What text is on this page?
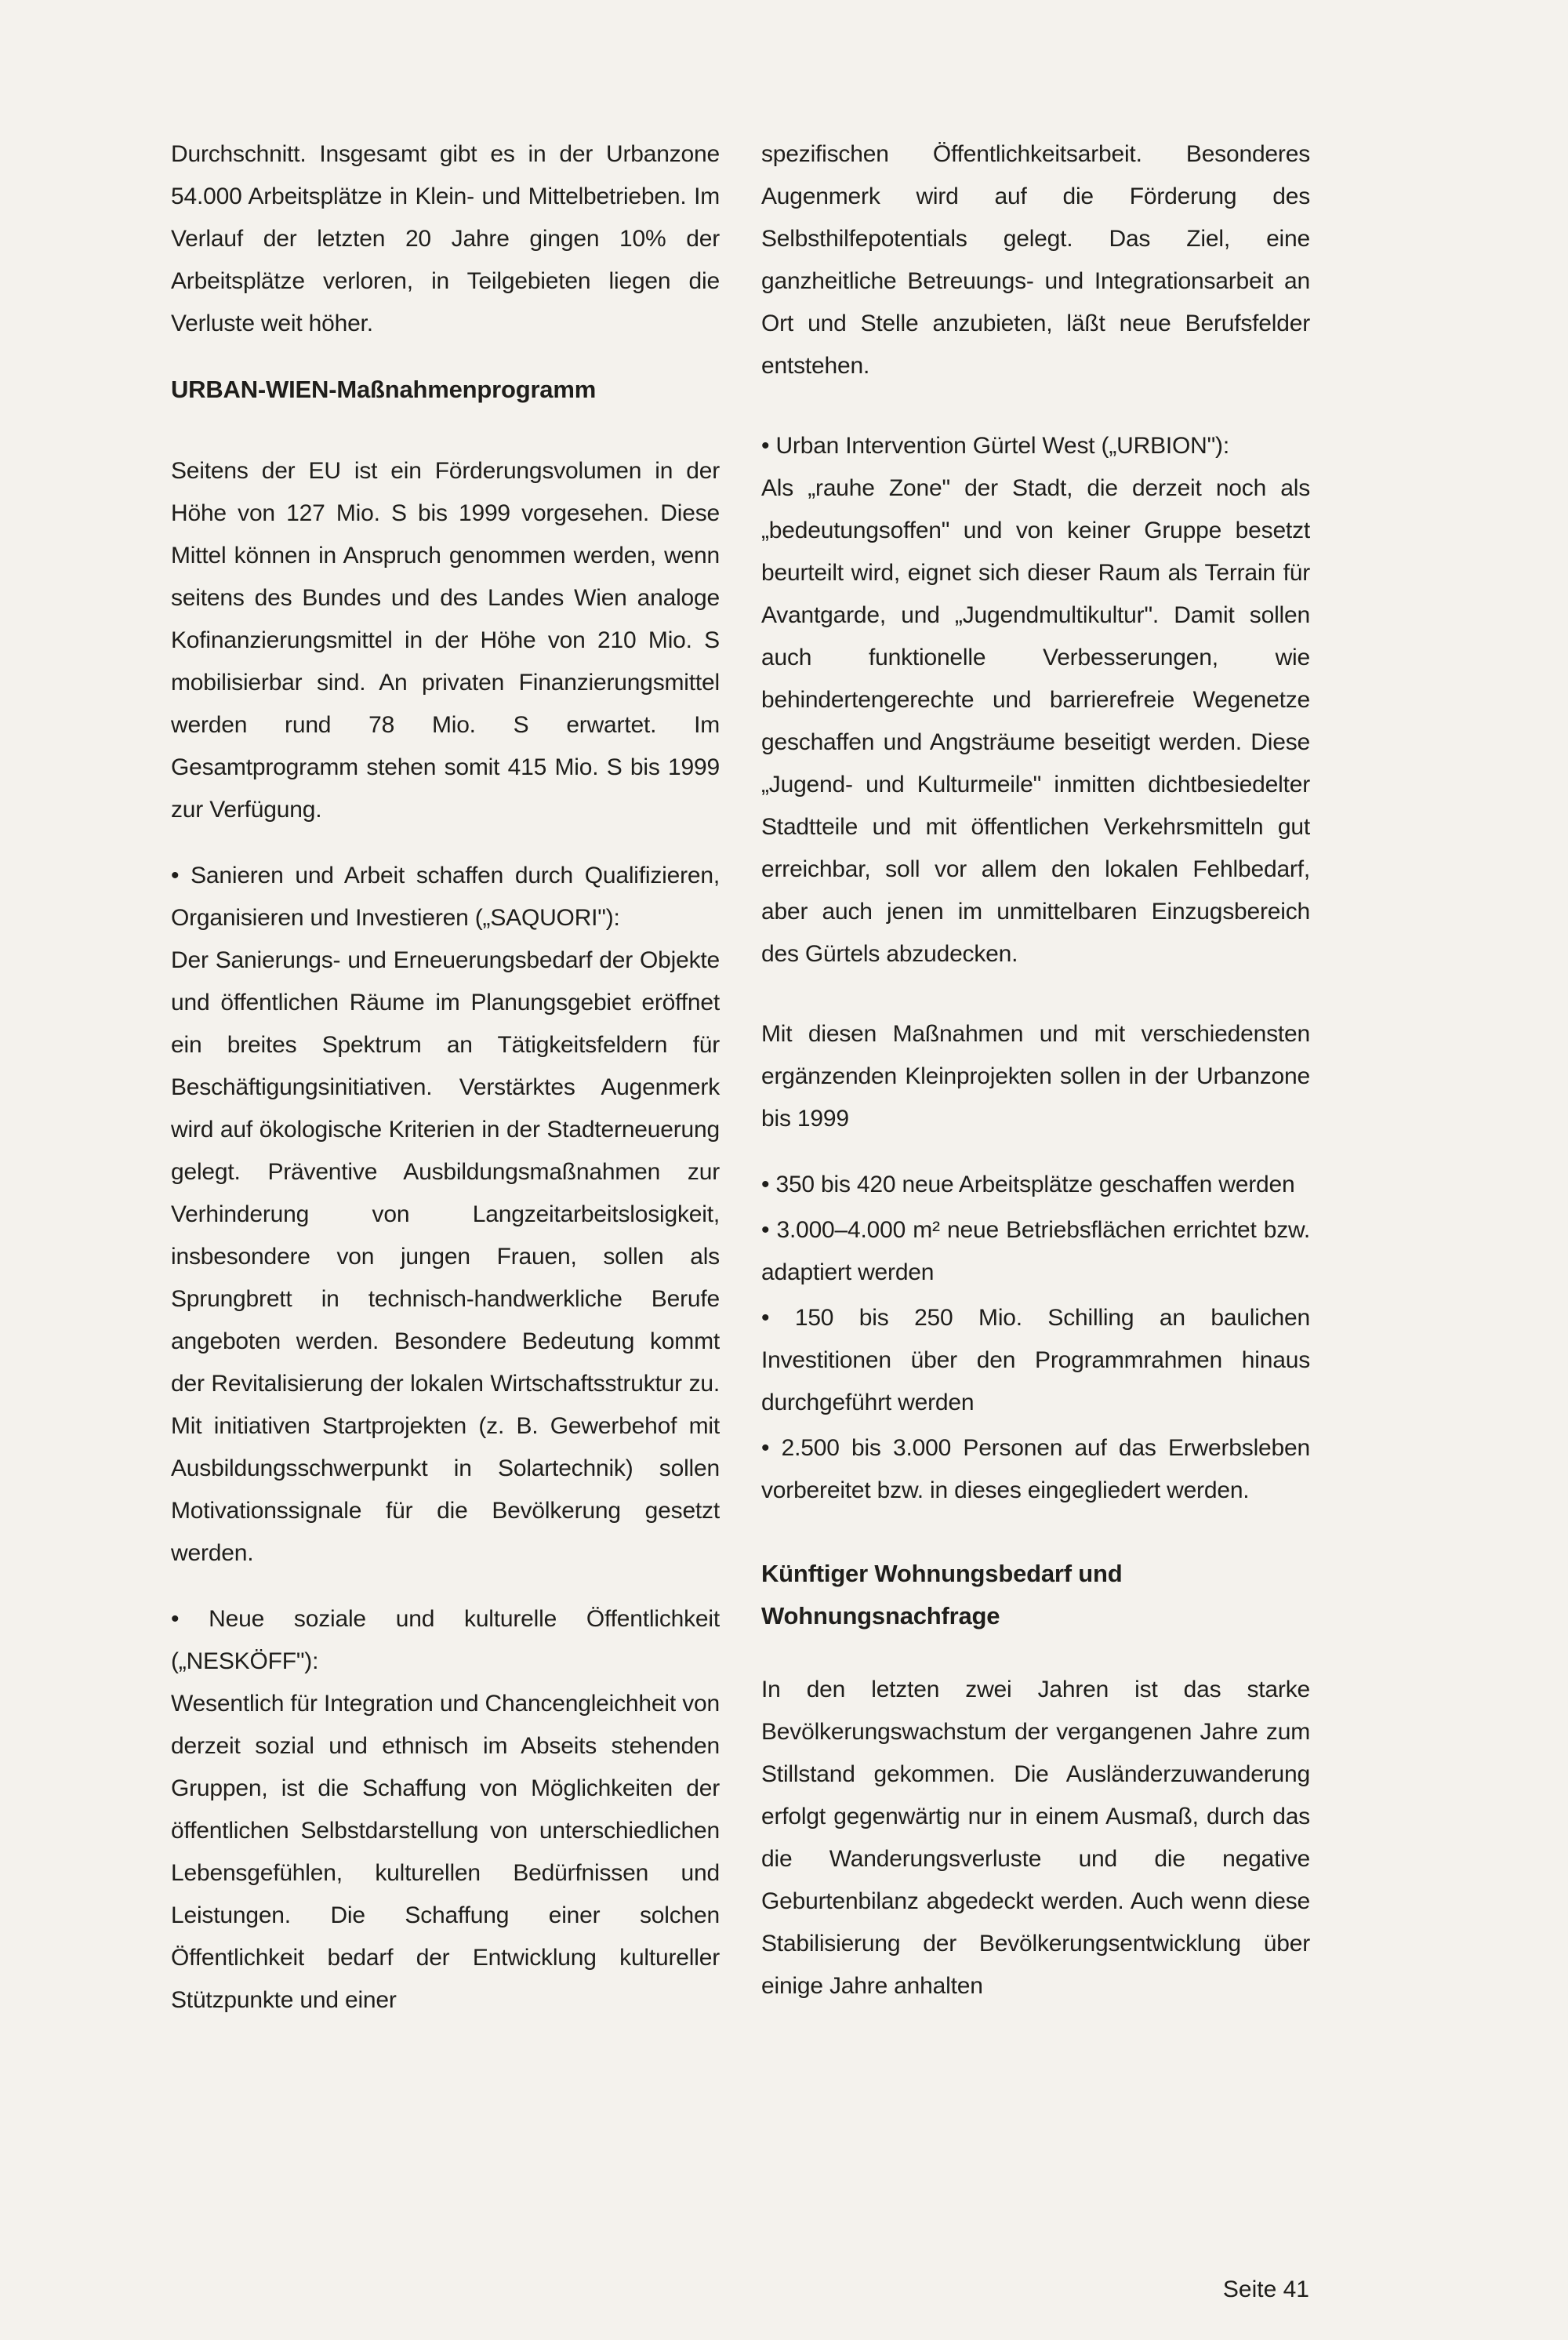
Durchschnitt. Insgesamt gibt es in der Urbanzone 54.000 Arbeitsplätze in Klein- und Mittelbetrieben. Im Verlauf der letzten 20 Jahre gingen 10% der Arbeitsplätze verloren, in Teilgebieten liegen die Verluste weit höher.

URBAN-WIEN-Maßnahmenprogramm

Seitens der EU ist ein Förderungsvolumen in der Höhe von 127 Mio. S bis 1999 vorgesehen. Diese Mittel können in Anspruch genommen werden, wenn seitens des Bundes und des Landes Wien analoge Kofinanzierungsmittel in der Höhe von 210 Mio. S mobilisierbar sind. An privaten Finanzierungsmittel werden rund 78 Mio. S erwartet. Im Gesamtprogramm stehen somit 415 Mio. S bis 1999 zur Verfügung.

• Sanieren und Arbeit schaffen durch Qualifizieren, Organisieren und Investieren („SAQUORI"):

Der Sanierungs- und Erneuerungsbedarf der Objekte und öffentlichen Räume im Planungsgebiet eröffnet ein breites Spektrum an Tätigkeitsfeldern für Beschäftigungsinitiativen. Verstärktes Augenmerk wird auf ökologische Kriterien in der Stadterneuerung gelegt. Präventive Ausbildungsmaßnahmen zur Verhinderung von Langzeitarbeitslosigkeit, insbesondere von jungen Frauen, sollen als Sprungbrett in technisch-handwerkliche Berufe angeboten werden. Besondere Bedeutung kommt der Revitalisierung der lokalen Wirtschaftsstruktur zu. Mit initiativen Startprojekten (z. B. Gewerbehof mit Ausbildungsschwerpunkt in Solartechnik) sollen Motivationssignale für die Bevölkerung gesetzt werden.

• Neue soziale und kulturelle Öffentlichkeit („NESKÖFF"):

Wesentlich für Integration und Chancengleichheit von derzeit sozial und ethnisch im Abseits stehenden Gruppen, ist die Schaffung von Möglichkeiten der öffentlichen Selbstdarstellung von unterschiedlichen Lebensgefühlen, kulturellen Bedürfnissen und Leistungen. Die Schaffung einer solchen Öffentlichkeit bedarf der Entwicklung kultureller Stützpunkte und einer

spezifischen Öffentlichkeitsarbeit. Besonderes Augenmerk wird auf die Förderung des Selbsthilfepotentials gelegt. Das Ziel, eine ganzheitliche Betreuungs- und Integrationsarbeit an Ort und Stelle anzubieten, läßt neue Berufsfelder entstehen.

• Urban Intervention Gürtel West („URBION"):

Als „rauhe Zone" der Stadt, die derzeit noch als „bedeutungsoffen" und von keiner Gruppe besetzt beurteilt wird, eignet sich dieser Raum als Terrain für Avantgarde, und „Jugendmultikultur". Damit sollen auch funktionelle Verbesserungen, wie behindertengerechte und barrierefreie Wegenetze geschaffen und Angsträume beseitigt werden. Diese „Jugend- und Kulturmeile" inmitten dichtbesiedelter Stadtteile und mit öffentlichen Verkehrsmitteln gut erreichbar, soll vor allem den lokalen Fehlbedarf, aber auch jenen im unmittelbaren Einzugsbereich des Gürtels abzudecken.

Mit diesen Maßnahmen und mit verschiedensten ergänzenden Kleinprojekten sollen in der Urbanzone bis 1999

• 350 bis 420 neue Arbeitsplätze geschaffen werden

• 3.000–4.000 m² neue Betriebsflächen errichtet bzw. adaptiert werden

• 150 bis 250 Mio. Schilling an baulichen Investitionen über den Programmrahmen hinaus durchgeführt werden

• 2.500 bis 3.000 Personen auf das Erwerbsleben vorbereitet bzw. in dieses eingegliedert werden.

Künftiger Wohnungsbedarf und Wohnungsnachfrage

In den letzten zwei Jahren ist das starke Bevölkerungswachstum der vergangenen Jahre zum Stillstand gekommen. Die Ausländerzuwanderung erfolgt gegenwärtig nur in einem Ausmaß, durch das die Wanderungsverluste und die negative Geburtenbilanz abgedeckt werden. Auch wenn diese Stabilisierung der Bevölkerungsentwicklung über einige Jahre anhalten

Seite 41
